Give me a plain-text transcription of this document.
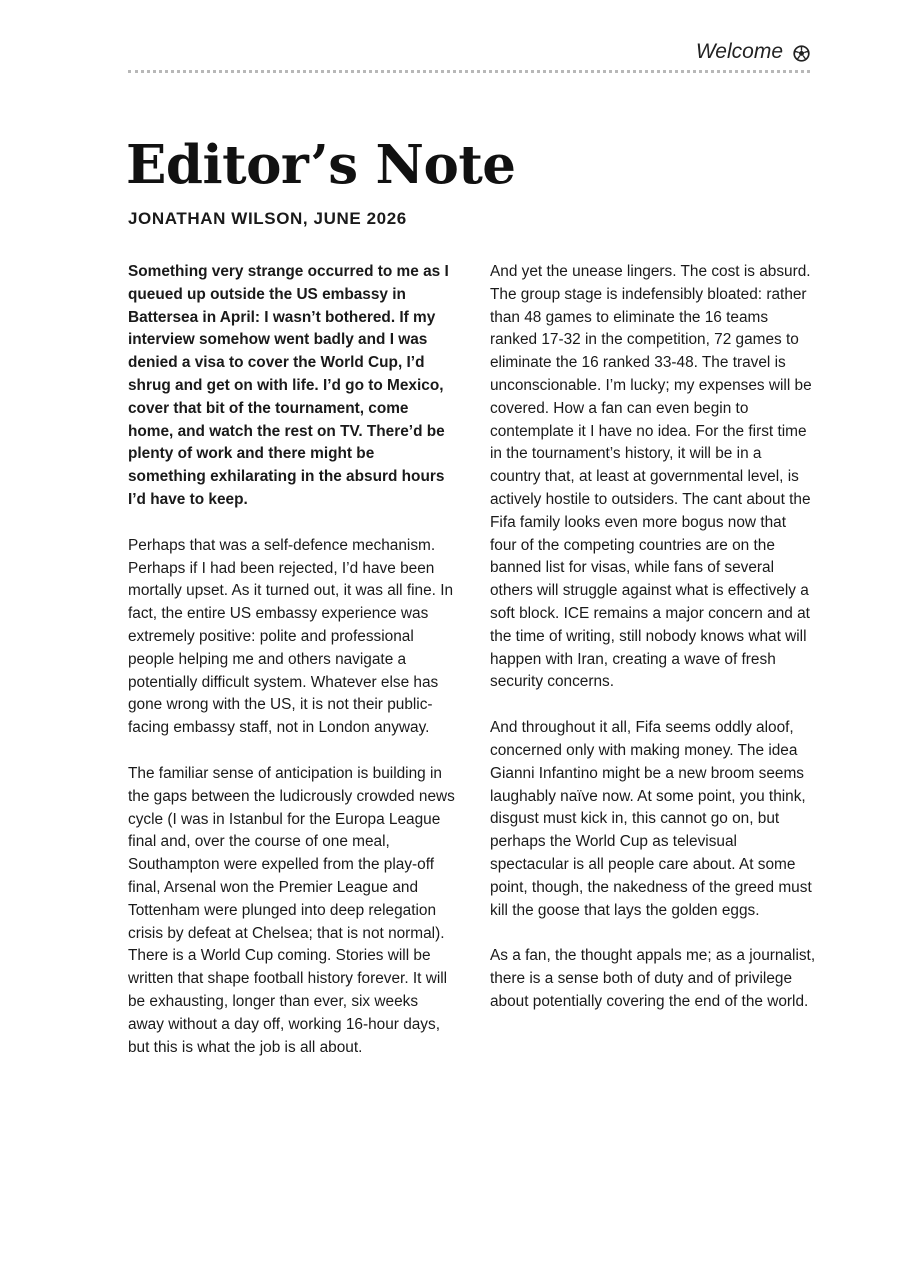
Welcome
Editor’s Note
JONATHAN WILSON, JUNE 2026

Something very strange occurred to me as I queued up outside the US embassy in Battersea in April: I wasn’t bothered. If my interview somehow went badly and I was denied a visa to cover the World Cup, I’d shrug and get on with life. I’d go to Mexico, cover that bit of the tournament, come home, and watch the rest on TV. There’d be plenty of work and there might be something exhilarating in the absurd hours I’d have to keep.

Perhaps that was a self-defence mechanism. Perhaps if I had been rejected, I’d have been mortally upset. As it turned out, it was all fine. In fact, the entire US embassy experience was extremely positive: polite and professional people helping me and others navigate a potentially difficult system. Whatever else has gone wrong with the US, it is not their public-facing embassy staff, not in London anyway.

The familiar sense of anticipation is building in the gaps between the ludicrously crowded news cycle (I was in Istanbul for the Europa League final and, over the course of one meal, Southampton were expelled from the play-off final, Arsenal won the Premier League and Tottenham were plunged into deep relegation crisis by defeat at Chelsea; that is not normal). There is a World Cup coming. Stories will be written that shape football history forever. It will be exhausting, longer than ever, six weeks away without a day off, working 16-hour days, but this is what the job is all about.

And yet the unease lingers. The cost is absurd. The group stage is indefensibly bloated: rather than 48 games to eliminate the 16 teams ranked 17-32 in the competition, 72 games to eliminate the 16 ranked 33-48. The travel is unconscionable. I’m lucky; my expenses will be covered. How a fan can even begin to contemplate it I have no idea. For the first time in the tournament’s history, it will be in a country that, at least at governmental level, is actively hostile to outsiders. The cant about the Fifa family looks even more bogus now that four of the competing countries are on the banned list for visas, while fans of several others will struggle against what is effectively a soft block. ICE remains a major concern and at the time of writing, still nobody knows what will happen with Iran, creating a wave of fresh security concerns.

And throughout it all, Fifa seems oddly aloof, concerned only with making money. The idea Gianni Infantino might be a new broom seems laughably naïve now. At some point, you think, disgust must kick in, this cannot go on, but perhaps the World Cup as televisual spectacular is all people care about. At some point, though, the nakedness of the greed must kill the goose that lays the golden eggs.

As a fan, the thought appals me; as a journalist, there is a sense both of duty and of privilege about potentially covering the end of the world.
